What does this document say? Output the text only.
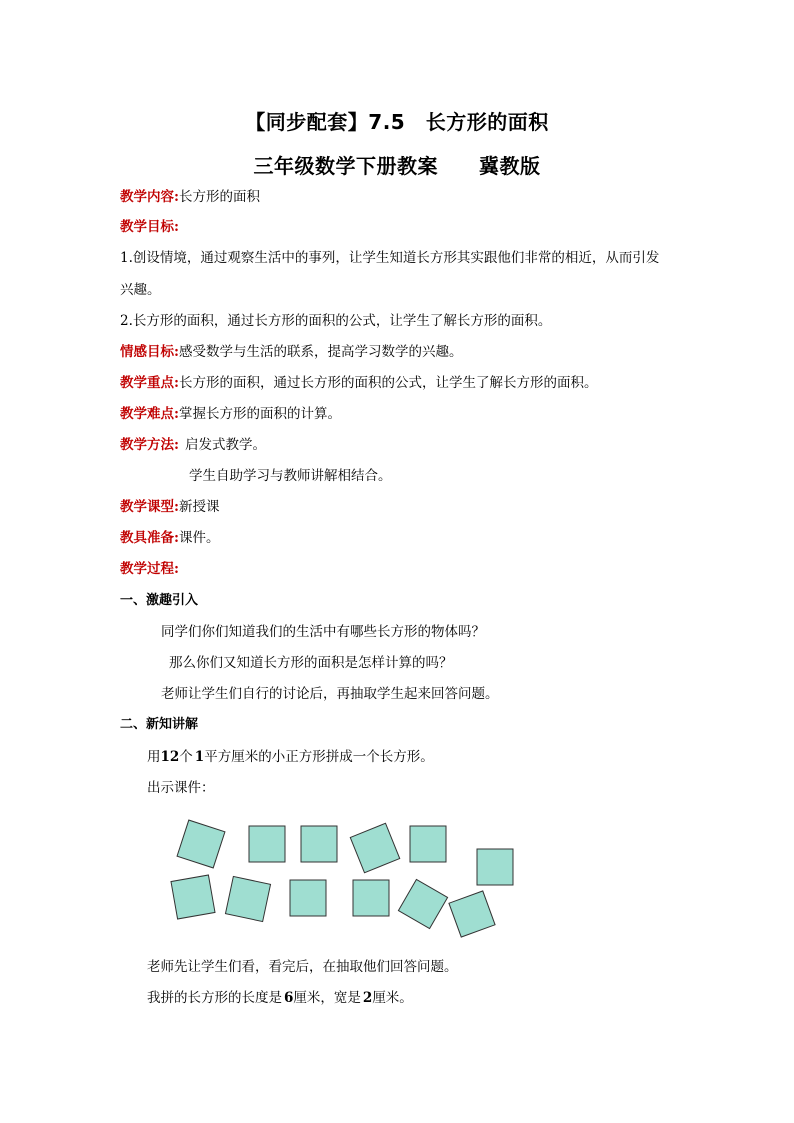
【同步配套】7.5　长方形的面积
三年级数学下册教案　　冀教版
教学内容:长方形的面积
教学目标:
1.创设情境，通过观察生活中的事列，让学生知道长方形其实跟他们非常的相近，从而引发
兴趣。
2.长方形的面积，通过长方形的面积的公式，让学生了解长方形的面积。
情感目标:感受数学与生活的联系，提高学习数学的兴趣。
教学重点:长方形的面积，通过长方形的面积的公式，让学生了解长方形的面积。
教学难点:掌握长方形的面积的计算。
教学方法: 启发式教学。
学生自助学习与教师讲解相结合。
教学课型:新授课
教具准备:课件。
教学过程:
一、激趣引入
同学们你们知道我们的生活中有哪些长方形的物体吗？
那么你们又知道长方形的面积是怎样计算的吗？
老师让学生们自行的讨论后，再抽取学生起来回答问题。
二、新知讲解
用12个 1平方厘米的小正方形拼成一个长方形。
出示课件：
老师先让学生们看，看完后，在抽取他们回答问题。
我拼的长方形的长度是 6厘米，宽是 2厘米。
